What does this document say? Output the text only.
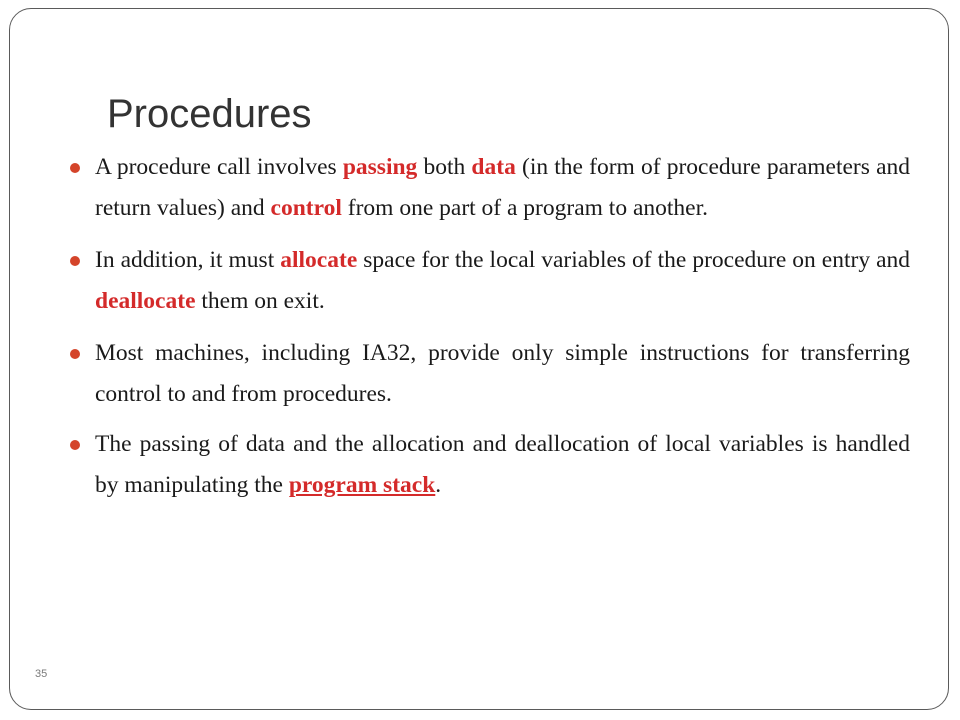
Procedures
A procedure call involves passing both data (in the form of procedure parameters and return values) and control from one part of a program to another.
In addition, it must allocate space for the local variables of the procedure on entry and deallocate them on exit.
Most machines, including IA32, provide only simple instructions for transferring control to and from procedures.
The passing of data and the allocation and deallocation of local variables is handled by manipulating the program stack.
35
